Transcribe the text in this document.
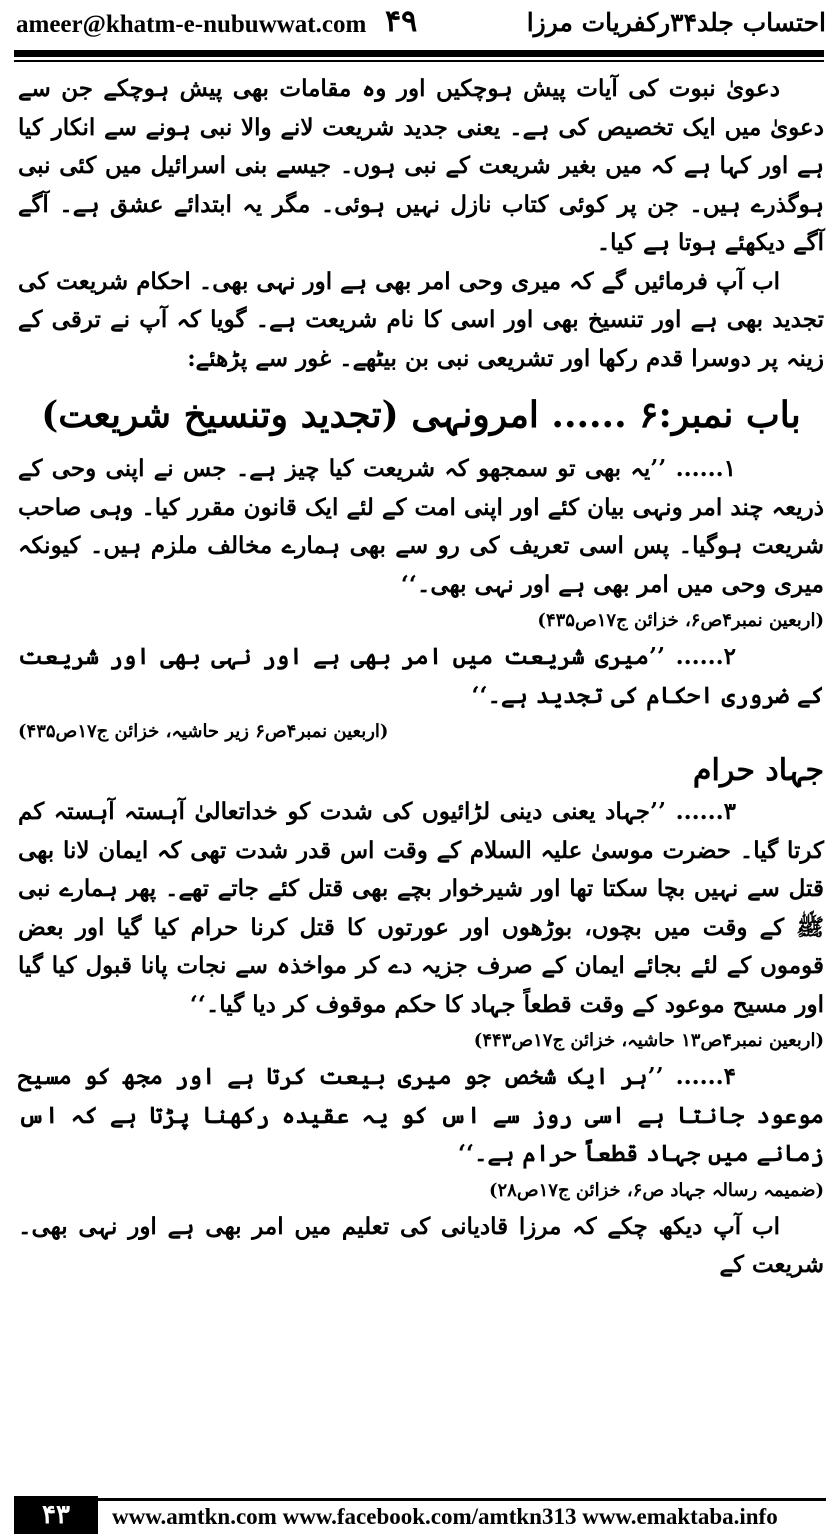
ameer@khatm-e-nubuwwat.com ۴۹	احتساب جلد۳۴رکفریات مرزا

دعویٰ نبوت کی آیات پیش ہوچکیں اور وہ مقامات بھی پیش ہوچکے جن سے دعویٰ میں ایک تخصیص کی ہے۔ یعنی جدید شریعت لانے والا نبی ہونے سے انکار کیا ہے اور کہا ہے کہ میں بغیر شریعت کے نبی ہوں۔ جیسے بنی اسرائیل میں کئی نبی ہوگذرے ہیں۔ جن پر کوئی کتاب نازل نہیں ہوئی۔ مگر یہ ابتدائے عشق ہے۔ آگے آگے دیکھئے ہوتا ہے کیا۔

اب آپ فرمائیں گے کہ میری وحی امر بھی ہے اور نہی بھی۔ احکام شریعت کی تجدید بھی ہے اور تنسیخ بھی اور اسی کا نام شریعت ہے۔ گویا کہ آپ نے ترقی کے زینہ پر دوسرا قدم رکھا اور تشریعی نبی بن بیٹھے۔ غور سے پڑھئے:

باب نمبر:۶ ...... امرونہی (تجدید وتنسیخ شریعت)

۱...... ’’یہ بھی تو سمجھو کہ شریعت کیا چیز ہے۔ جس نے اپنی وحی کے ذریعہ چند امر ونہی بیان کئے اور اپنی امت کے لئے ایک قانون مقرر کیا۔ وہی صاحب شریعت ہوگیا۔ پس اسی تعریف کی رو سے بھی ہمارے مخالف ملزم ہیں۔ کیونکہ میری وحی میں امر بھی ہے اور نہی بھی۔‘‘

(اربعین نمبر۴ص۶، خزائن ج۱۷ص۴۳۵)

۲...... ’’میری شریعت میں امر بھی ہے اور نہی بھی اور شریعت کے ضروری احکام کی تجدید ہے۔‘‘

(اربعین نمبر۴ص۶ زیر حاشیہ، خزائن ج۱۷ص۴۳۵)
جہاد حرام

۳...... ’’جہاد یعنی دینی لڑائیوں کی شدت کو خداتعالیٰ آہستہ آہستہ کم کرتا گیا۔ حضرت موسیٰ علیہ السلام کے وقت اس قدر شدت تھی کہ ایمان لانا بھی قتل سے نہیں بچا سکتا تھا اور شیرخوار بچے بھی قتل کئے جاتے تھے۔ پھر ہمارے نبی ﷺ کے وقت میں بچوں، بوڑھوں اور عورتوں کا قتل کرنا حرام کیا گیا اور بعض قوموں کے لئے بجائے ایمان کے صرف جزیہ دے کر مواخذہ سے نجات پانا قبول کیا گیا اور مسیح موعود کے وقت قطعاً جہاد کا حکم موقوف کر دیا گیا۔‘‘

(اربعین نمبر۴ص۱۳ حاشیہ، خزائن ج۱۷ص۴۴۳)

۴...... ’’ہر ایک شخص جو میری بیعت کرتا ہے اور مجھ کو مسیح موعود جانتا ہے اسی روز سے اس کو یہ عقیدہ رکھنا پڑتا ہے کہ اس زمانے میں جہاد قطعاً حرام ہے۔‘‘

(ضمیمہ رسالہ جہاد ص۶، خزائن ج۱۷ص۲۸)

اب آپ دیکھ چکے کہ مرزا قادیانی کی تعلیم میں امر بھی ہے اور نہی بھی۔ شریعت کے

۴۳	www.amtkn.com www.facebook.com/amtkn313 www.emaktaba.info
